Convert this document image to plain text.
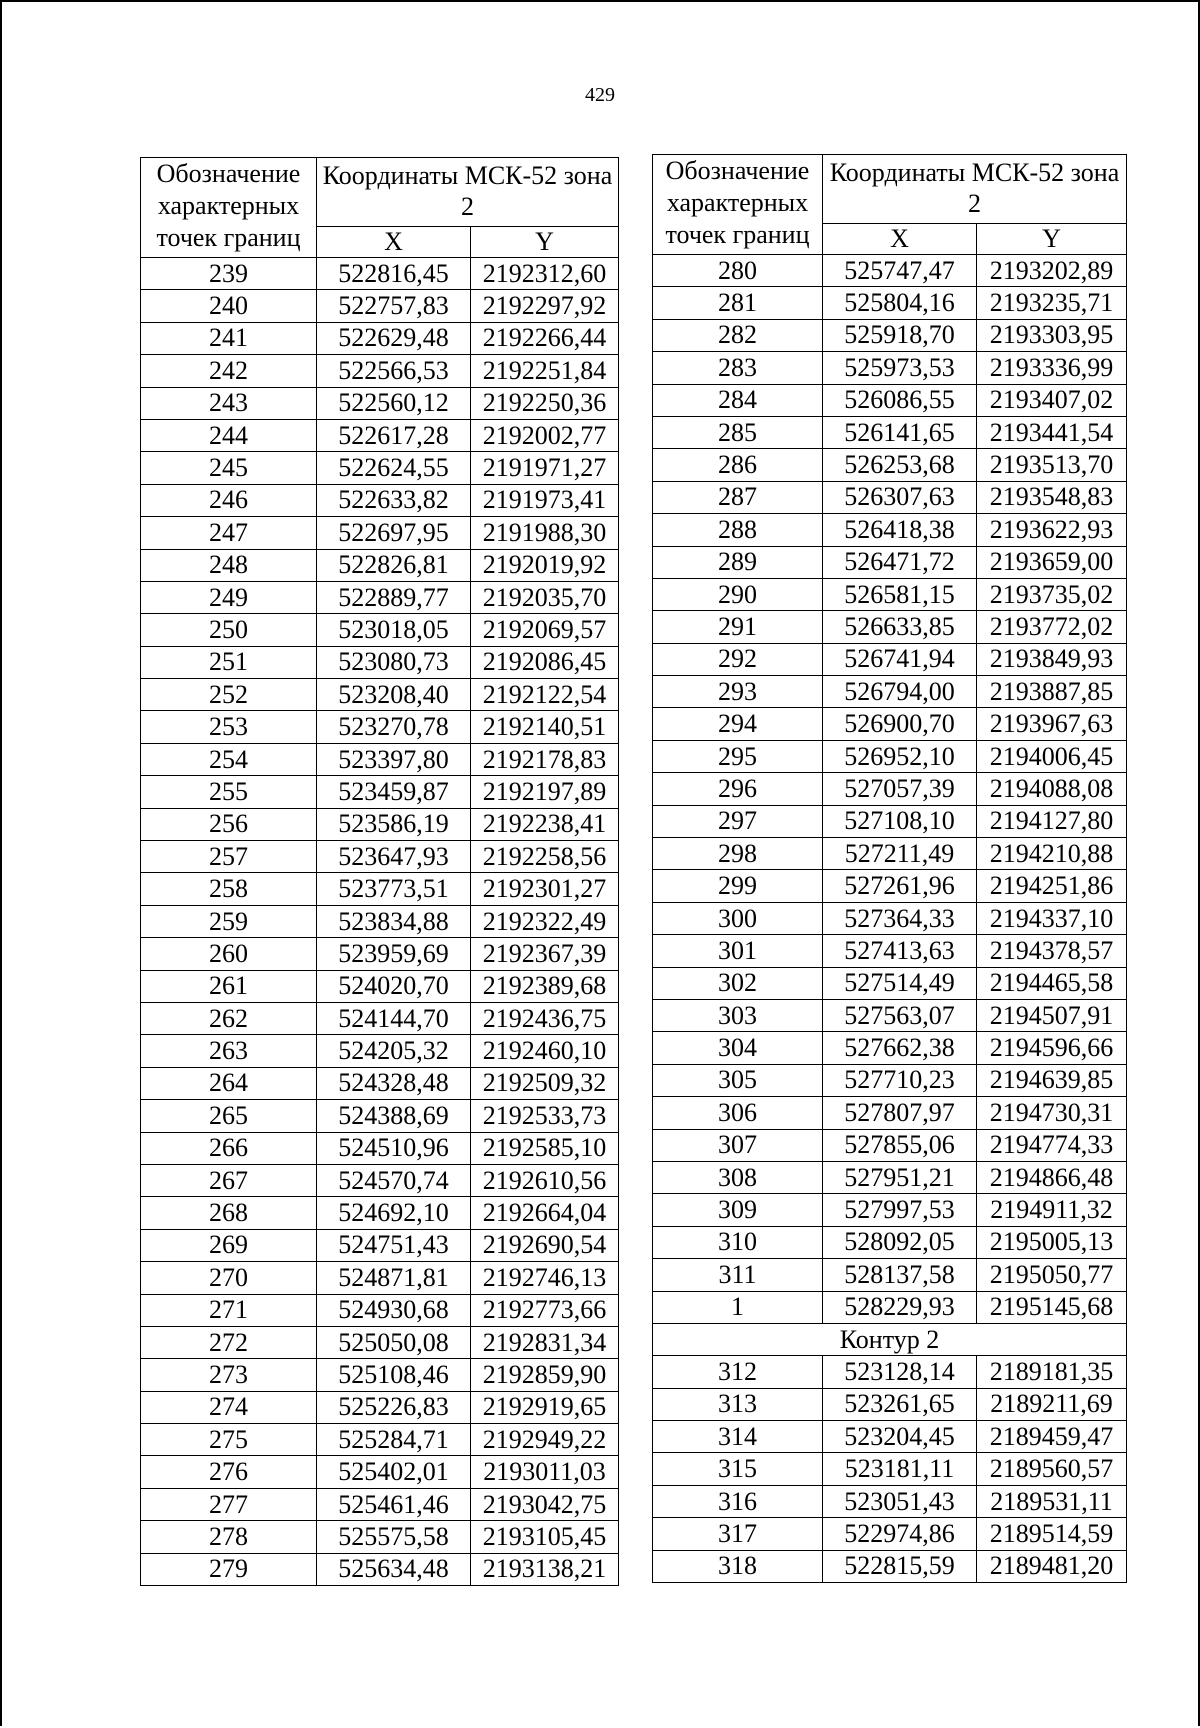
429
Обозначение характерных точек границ	Координаты МСК-52 зона 2	
	X	Y
239	522816,45	2192312,60
240	522757,83	2192297,92
241	522629,48	2192266,44
242	522566,53	2192251,84
243	522560,12	2192250,36
244	522617,28	2192002,77
245	522624,55	2191971,27
246	522633,82	2191973,41
247	522697,95	2191988,30
248	522826,81	2192019,92
249	522889,77	2192035,70
250	523018,05	2192069,57
251	523080,73	2192086,45
252	523208,40	2192122,54
253	523270,78	2192140,51
254	523397,80	2192178,83
255	523459,87	2192197,89
256	523586,19	2192238,41
257	523647,93	2192258,56
258	523773,51	2192301,27
259	523834,88	2192322,49
260	523959,69	2192367,39
261	524020,70	2192389,68
262	524144,70	2192436,75
263	524205,32	2192460,10
264	524328,48	2192509,32
265	524388,69	2192533,73
266	524510,96	2192585,10
267	524570,74	2192610,56
268	524692,10	2192664,04
269	524751,43	2192690,54
270	524871,81	2192746,13
271	524930,68	2192773,66
272	525050,08	2192831,34
273	525108,46	2192859,90
274	525226,83	2192919,65
275	525284,71	2192949,22
276	525402,01	2193011,03
277	525461,46	2193042,75
278	525575,58	2193105,45
279	525634,48	2193138,21
Обозначение характерных точек границ	Координаты МСК-52 зона 2	
	X	Y
280	525747,47	2193202,89
281	525804,16	2193235,71
282	525918,70	2193303,95
283	525973,53	2193336,99
284	526086,55	2193407,02
285	526141,65	2193441,54
286	526253,68	2193513,70
287	526307,63	2193548,83
288	526418,38	2193622,93
289	526471,72	2193659,00
290	526581,15	2193735,02
291	526633,85	2193772,02
292	526741,94	2193849,93
293	526794,00	2193887,85
294	526900,70	2193967,63
295	526952,10	2194006,45
296	527057,39	2194088,08
297	527108,10	2194127,80
298	527211,49	2194210,88
299	527261,96	2194251,86
300	527364,33	2194337,10
301	527413,63	2194378,57
302	527514,49	2194465,58
303	527563,07	2194507,91
304	527662,38	2194596,66
305	527710,23	2194639,85
306	527807,97	2194730,31
307	527855,06	2194774,33
308	527951,21	2194866,48
309	527997,53	2194911,32
310	528092,05	2195005,13
311	528137,58	2195050,77
1	528229,93	2195145,68
Контур 2		
312	523128,14	2189181,35
313	523261,65	2189211,69
314	523204,45	2189459,47
315	523181,11	2189560,57
316	523051,43	2189531,11
317	522974,86	2189514,59
318	522815,59	2189481,20
